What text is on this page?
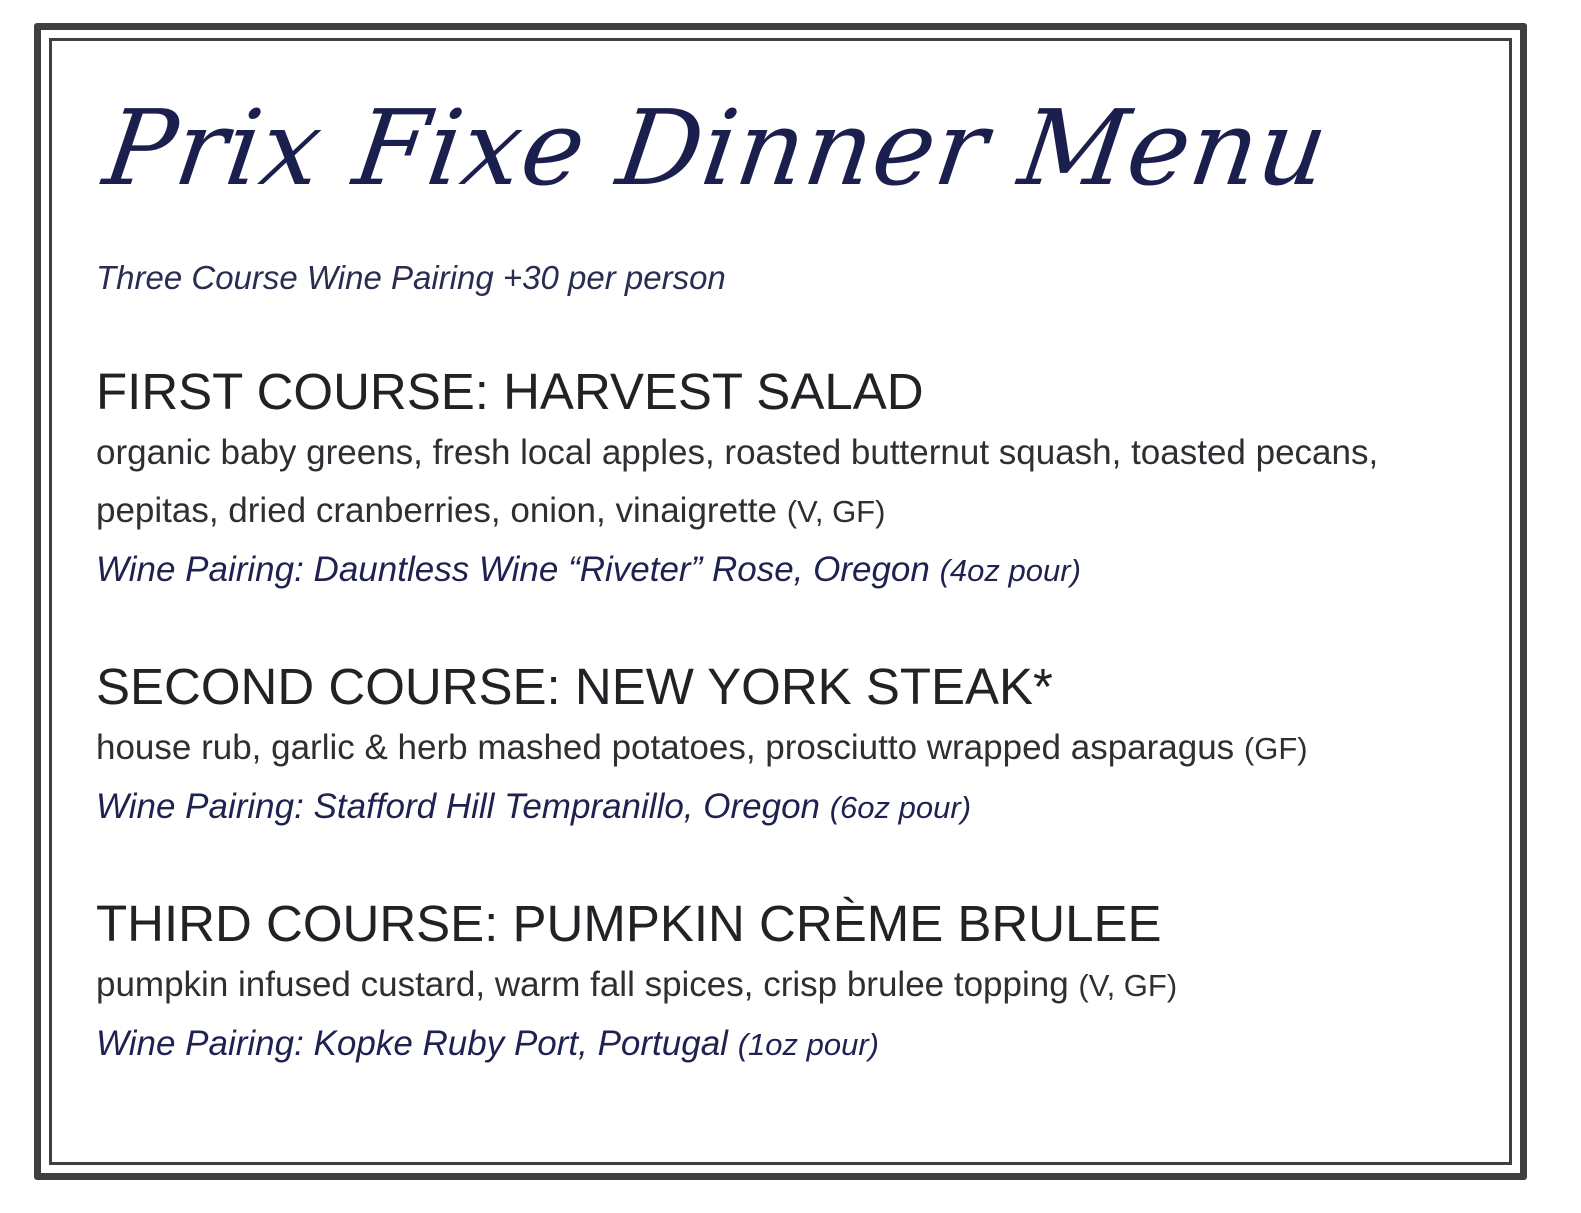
Prix Fixe Dinner Menu
Three Course Wine Pairing +30 per person
FIRST COURSE: HARVEST SALAD

organic baby greens, fresh local apples, roasted butternut squash, toasted pecans, pepitas, dried cranberries, onion, vinaigrette (V, GF)

Wine Pairing: Dauntless Wine “Riveter” Rose, Oregon (4oz pour)

SECOND COURSE: NEW YORK STEAK*

house rub, garlic & herb mashed potatoes, prosciutto wrapped asparagus (GF)

Wine Pairing: Stafford Hill Tempranillo, Oregon (6oz pour)

THIRD COURSE: PUMPKIN CRÈME BRULEE

pumpkin infused custard, warm fall spices, crisp brulee topping (V, GF)

Wine Pairing: Kopke Ruby Port, Portugal (1oz pour)
